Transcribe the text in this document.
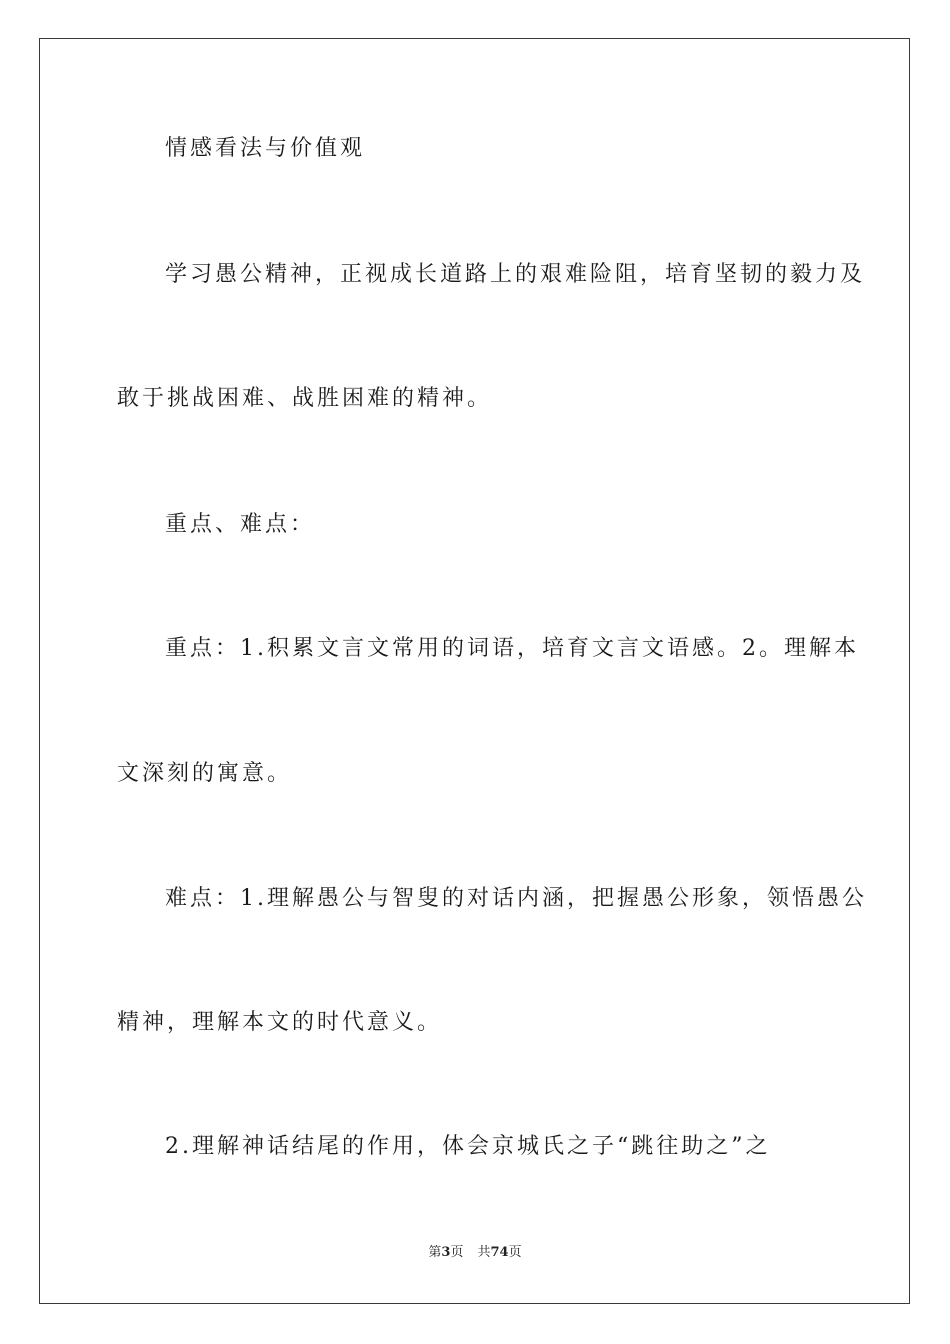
情感看法与价值观
学习愚公精神，正视成长道路上的艰难险阻，培育坚韧的毅力及
敢于挑战困难、战胜困难的精神。
重点、难点：
重点：1.积累文言文常用的词语，培育文言文语感。2。理解本
文深刻的寓意。
难点：1.理解愚公与智叟的对话内涵，把握愚公形象，领悟愚公
精神，理解本文的时代意义。
2.理解神话结尾的作用，体会京城氏之子“跳往助之”之
第3页 共74页
